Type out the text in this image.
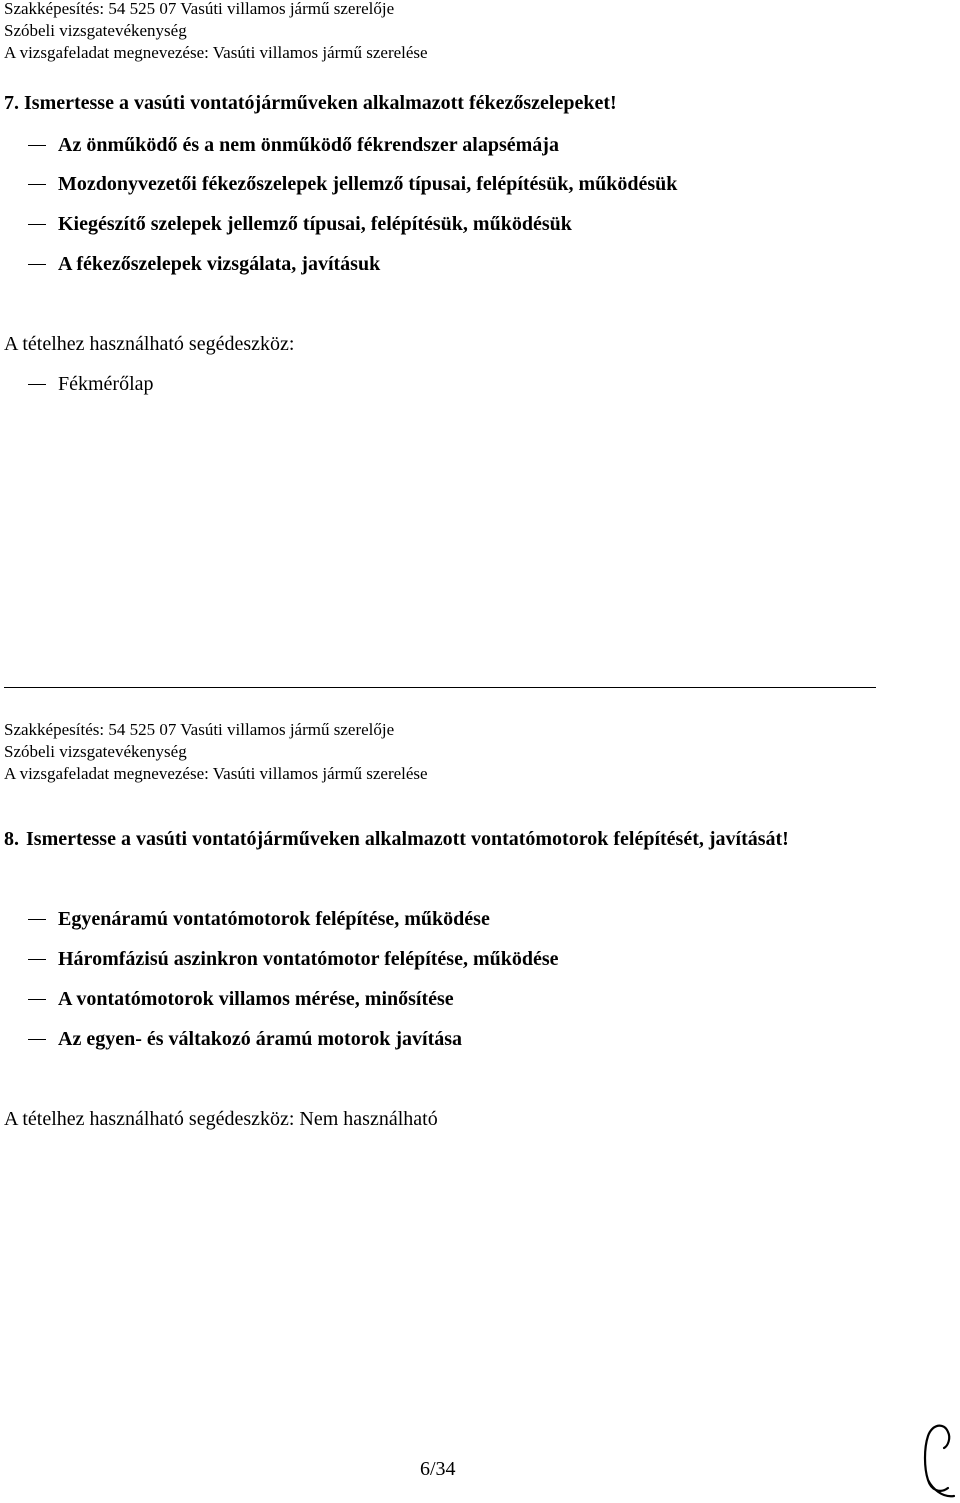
Szakképesítés: 54 525 07 Vasúti villamos jármű szerelője
Szóbeli vizsgatevékenység
A vizsgafeladat megnevezése: Vasúti villamos jármű szerelése
7. Ismertesse a vasúti vontatójárműveken alkalmazott fékezőszelepeket!
Az önműködő és a nem önműködő fékrendszer alapsémája
Mozdonyvezetői fékezőszelepek jellemző típusai, felépítésük, működésük
Kiegészítő szelepek jellemző típusai, felépítésük, működésük
A fékezőszelepek vizsgálata, javításuk
A tételhez használható segédeszköz:
Fékmérőlap
Szakképesítés: 54 525 07 Vasúti villamos jármű szerelője
Szóbeli vizsgatevékenység
A vizsgafeladat megnevezése: Vasúti villamos jármű szerelése
8. Ismertesse a vasúti vontatójárműveken alkalmazott vontatómotorok felépítését, javítását!
Egyenáramú vontatómotorok felépítése, működése
Háromfázisú aszinkron vontatómotor felépítése, működése
A vontatómotorok villamos mérése, minősítése
Az egyen- és váltakozó áramú motorok javítása
A tételhez használható segédeszköz: Nem használható
6/34
